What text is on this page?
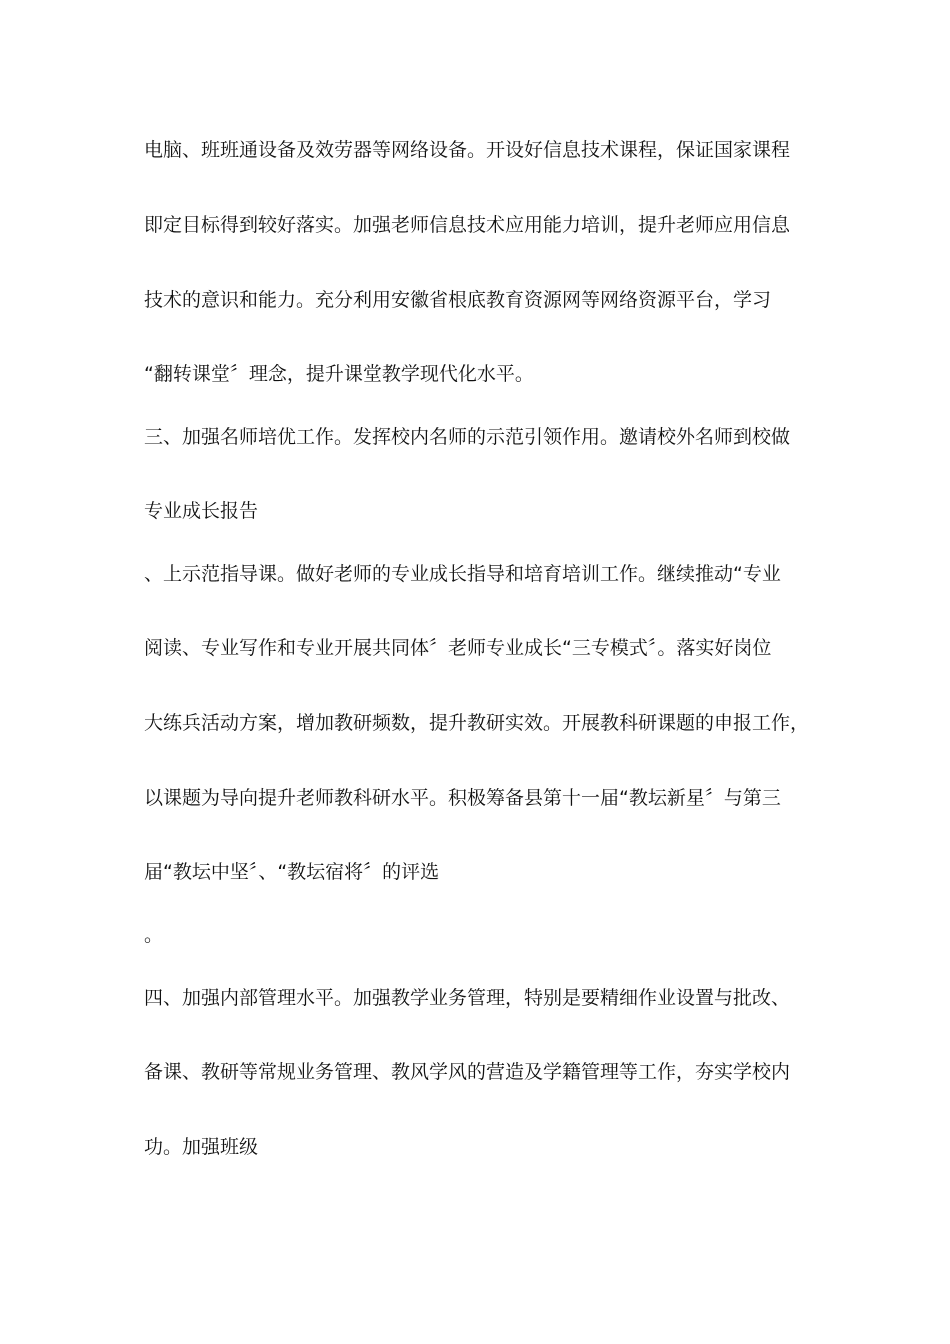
电脑、班班通设备及效劳器等网络设备。开设好信息技术课程，保证国家课程
即定目标得到较好落实。加强老师信息技术应用能力培训，提升老师应用信息
技术的意识和能力。充分利用安徽省根底教育资源网等网络资源平台，学习
“翻转课堂〞理念，提升课堂教学现代化水平。
三、加强名师培优工作。发挥校内名师的示范引领作用。邀请校外名师到校做
专业成长报告
、上示范指导课。做好老师的专业成长指导和培育培训工作。继续推动“专业
阅读、专业写作和专业开展共同体〞老师专业成长“三专模式〞。落实好岗位
大练兵活动方案，增加教研频数，提升教研实效。开展教科研课题的申报工作，
以课题为导向提升老师教科研水平。积极筹备县第十一届“教坛新星〞与第三
届“教坛中坚〞、“教坛宿将〞的评选
。
四、加强内部管理水平。加强教学业务管理，特别是要精细作业设置与批改、
备课、教研等常规业务管理、教风学风的营造及学籍管理等工作，夯实学校内
功。加强班级
